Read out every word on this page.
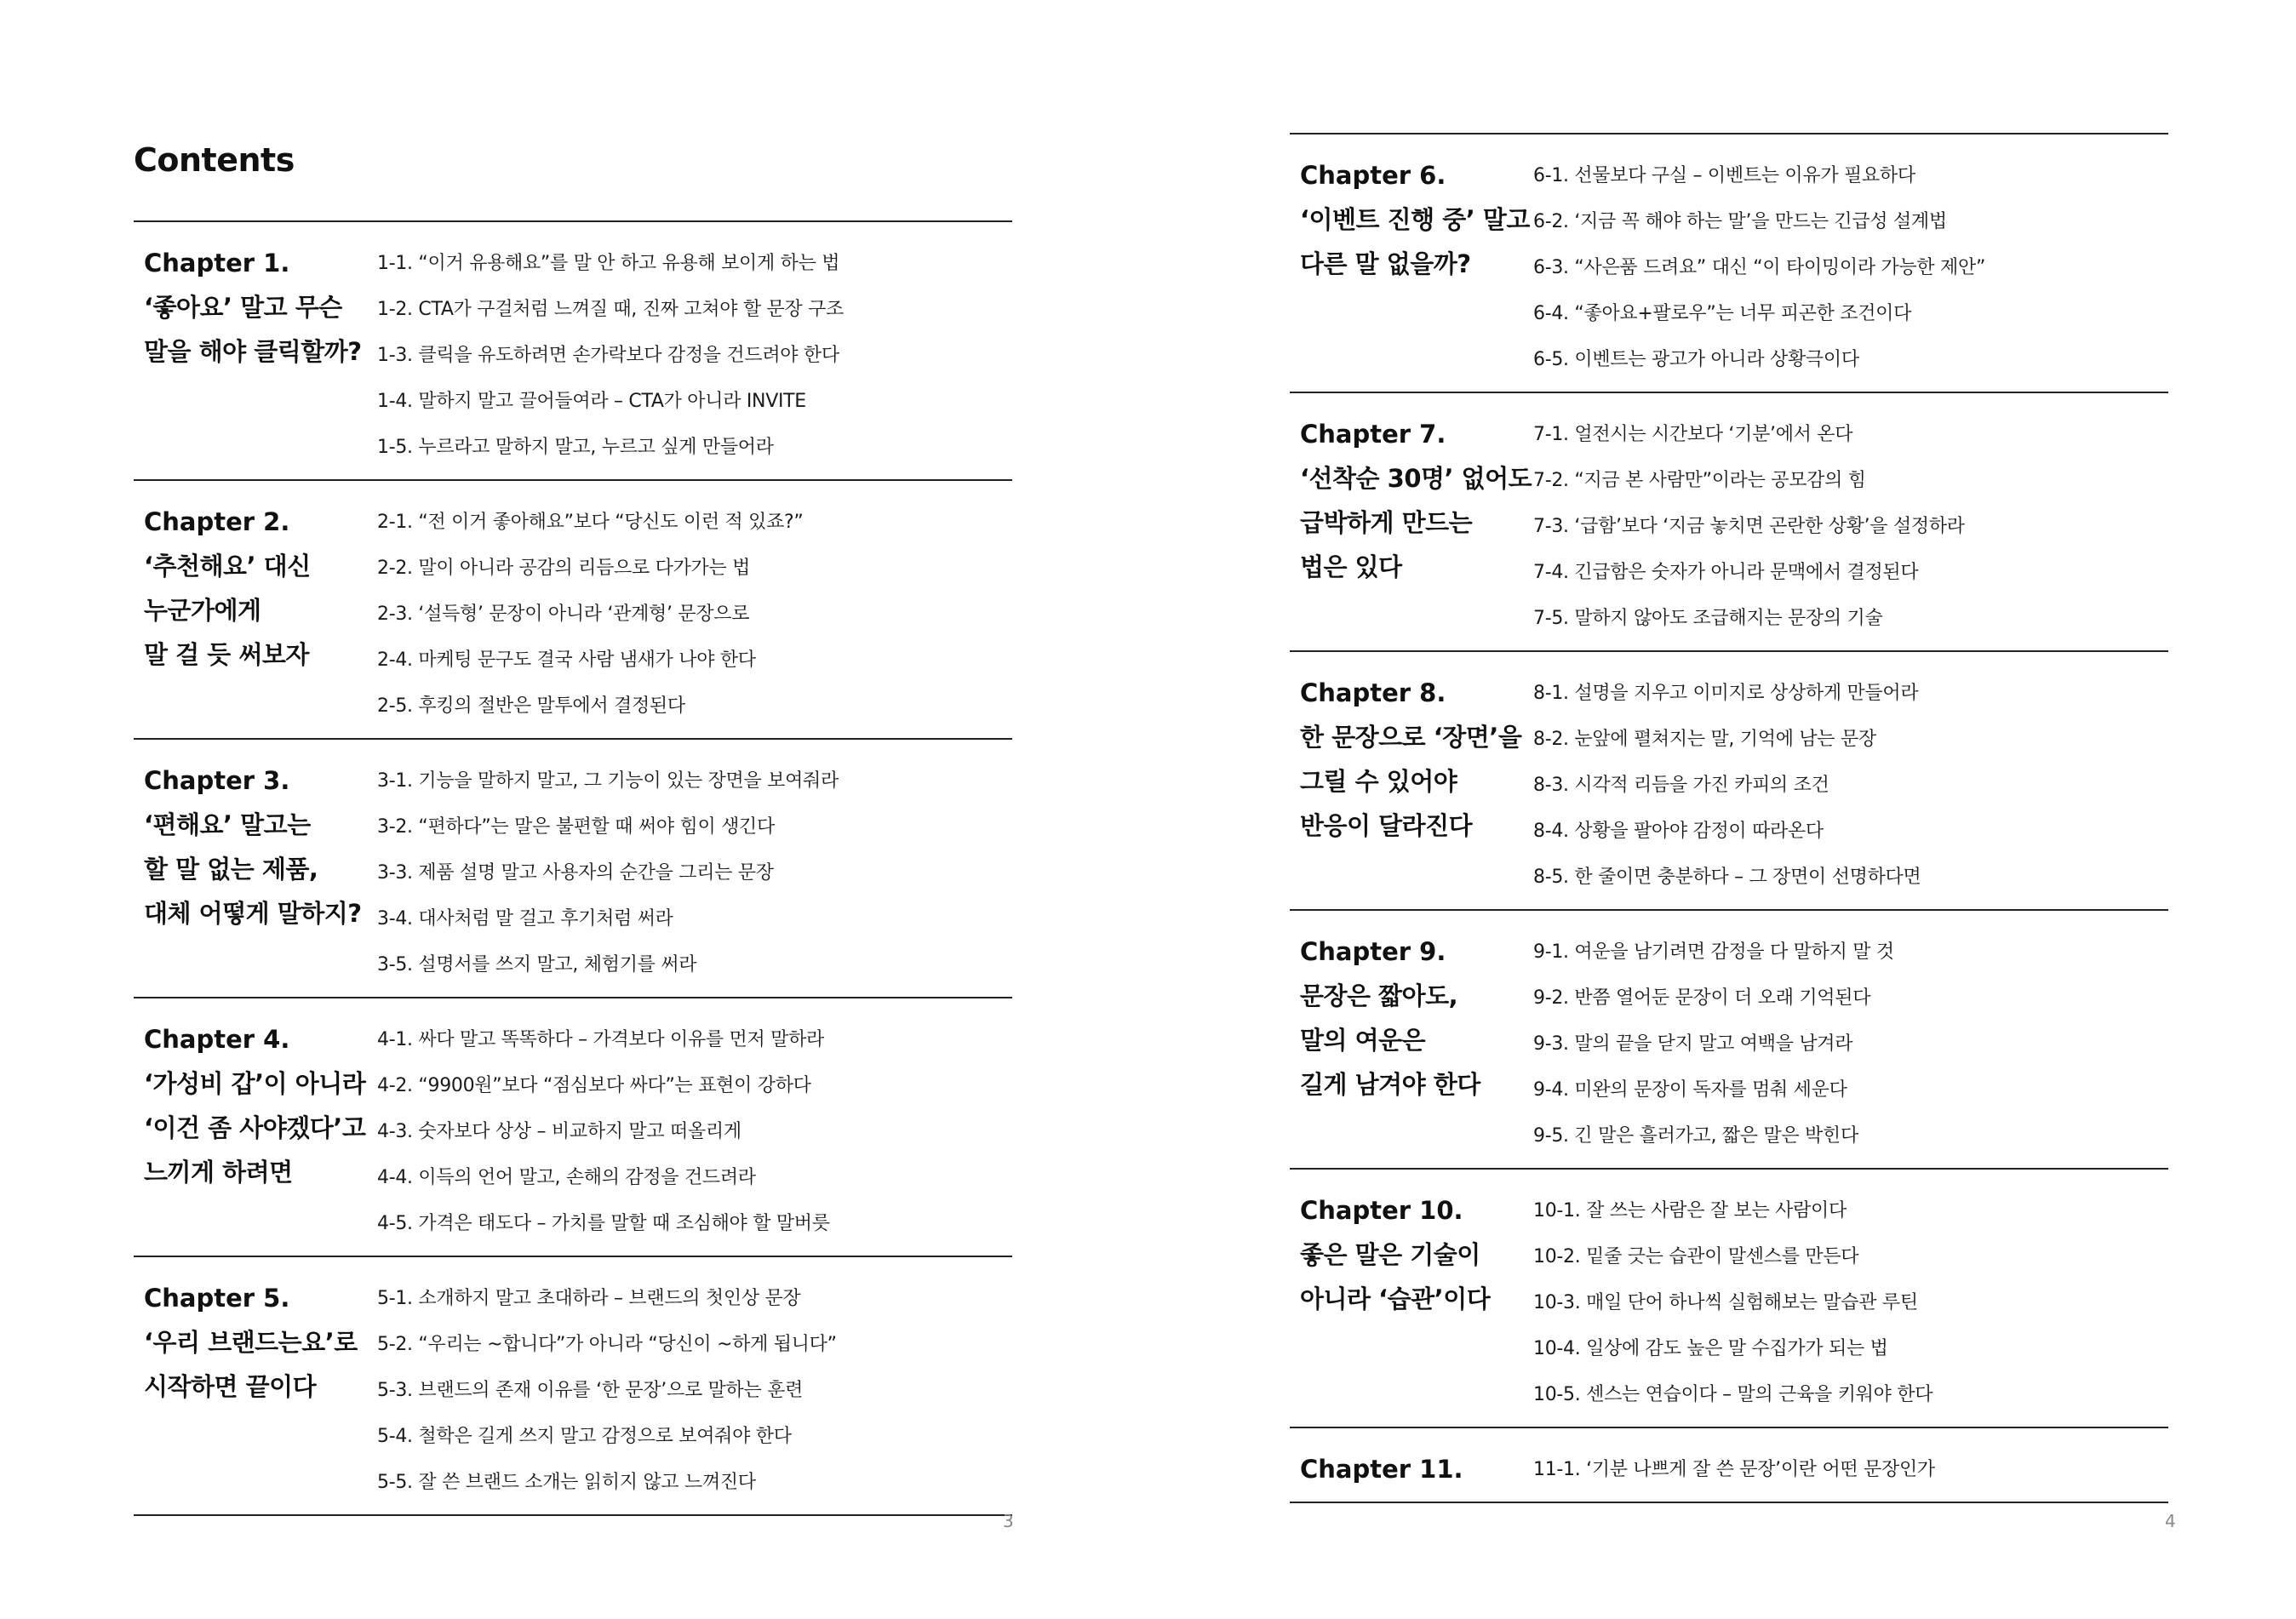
Contents
Chapter 1.
‘좋아요’ 말고 무슨
말을 해야 클릭할까?
1-1. “이거 유용해요”를 말 안 하고 유용해 보이게 하는 법
1-2. CTA가 구걸처럼 느껴질 때, 진짜 고쳐야 할 문장 구조
1-3. 클릭을 유도하려면 손가락보다 감정을 건드려야 한다
1-4. 말하지 말고 끌어들여라 – CTA가 아니라 INVITE
1-5. 누르라고 말하지 말고, 누르고 싶게 만들어라
Chapter 2.
‘추천해요’ 대신
누군가에게
말 걸 듯 써보자
2-1. “전 이거 좋아해요”보다 “당신도 이런 적 있죠?”
2-2. 말이 아니라 공감의 리듬으로 다가가는 법
2-3. ‘설득형’ 문장이 아니라 ‘관계형’ 문장으로
2-4. 마케팅 문구도 결국 사람 냄새가 나야 한다
2-5. 후킹의 절반은 말투에서 결정된다
Chapter 3.
‘편해요’ 말고는
할 말 없는 제품,
대체 어떻게 말하지?
3-1. 기능을 말하지 말고, 그 기능이 있는 장면을 보여줘라
3-2. “편하다”는 말은 불편할 때 써야 힘이 생긴다
3-3. 제품 설명 말고 사용자의 순간을 그리는 문장
3-4. 대사처럼 말 걸고 후기처럼 써라
3-5. 설명서를 쓰지 말고, 체험기를 써라
Chapter 4.
‘가성비 갑’이 아니라
‘이건 좀 사야겠다’고
느끼게 하려면
4-1. 싸다 말고 똑똑하다 – 가격보다 이유를 먼저 말하라
4-2. “9900원”보다 “점심보다 싸다”는 표현이 강하다
4-3. 숫자보다 상상 – 비교하지 말고 떠올리게
4-4. 이득의 언어 말고, 손해의 감정을 건드려라
4-5. 가격은 태도다 – 가치를 말할 때 조심해야 할 말버릇
Chapter 5.
‘우리 브랜드는요’로
시작하면 끝이다
5-1. 소개하지 말고 초대하라 – 브랜드의 첫인상 문장
5-2. “우리는 ~합니다”가 아니라 “당신이 ~하게 됩니다”
5-3. 브랜드의 존재 이유를 ‘한 문장’으로 말하는 훈련
5-4. 철학은 길게 쓰지 말고 감정으로 보여줘야 한다
5-5. 잘 쓴 브랜드 소개는 읽히지 않고 느껴진다
3
Chapter 6.
‘이벤트 진행 중’ 말고
다른 말 없을까?
6-1. 선물보다 구실 – 이벤트는 이유가 필요하다
6-2. ‘지금 꼭 해야 하는 말’을 만드는 긴급성 설계법
6-3. “사은품 드려요” 대신 “이 타이밍이라 가능한 제안”
6-4. “좋아요+팔로우”는 너무 피곤한 조건이다
6-5. 이벤트는 광고가 아니라 상황극이다
Chapter 7.
‘선착순 30명’ 없어도
급박하게 만드는
법은 있다
7-1. 얼전시는 시간보다 ‘기분’에서 온다
7-2. “지금 본 사람만”이라는 공모감의 힘
7-3. ‘급함’보다 ‘지금 놓치면 곤란한 상황’을 설정하라
7-4. 긴급함은 숫자가 아니라 문맥에서 결정된다
7-5. 말하지 않아도 조급해지는 문장의 기술
Chapter 8.
한 문장으로 ‘장면’을
그릴 수 있어야
반응이 달라진다
8-1. 설명을 지우고 이미지로 상상하게 만들어라
8-2. 눈앞에 펼쳐지는 말, 기억에 남는 문장
8-3. 시각적 리듬을 가진 카피의 조건
8-4. 상황을 팔아야 감정이 따라온다
8-5. 한 줄이면 충분하다 – 그 장면이 선명하다면
Chapter 9.
문장은 짧아도,
말의 여운은
길게 남겨야 한다
9-1. 여운을 남기려면 감정을 다 말하지 말 것
9-2. 반쯤 열어둔 문장이 더 오래 기억된다
9-3. 말의 끝을 닫지 말고 여백을 남겨라
9-4. 미완의 문장이 독자를 멈춰 세운다
9-5. 긴 말은 흘러가고, 짧은 말은 박힌다
Chapter 10.
좋은 말은 기술이
아니라 ‘습관’이다
10-1. 잘 쓰는 사람은 잘 보는 사람이다
10-2. 밑줄 긋는 습관이 말센스를 만든다
10-3. 매일 단어 하나씩 실험해보는 말습관 루틴
10-4. 일상에 감도 높은 말 수집가가 되는 법
10-5. 센스는 연습이다 – 말의 근육을 키워야 한다
Chapter 11.	11-1. ‘기분 나쁘게 잘 쓴 문장’이란 어떤 문장인가
4
